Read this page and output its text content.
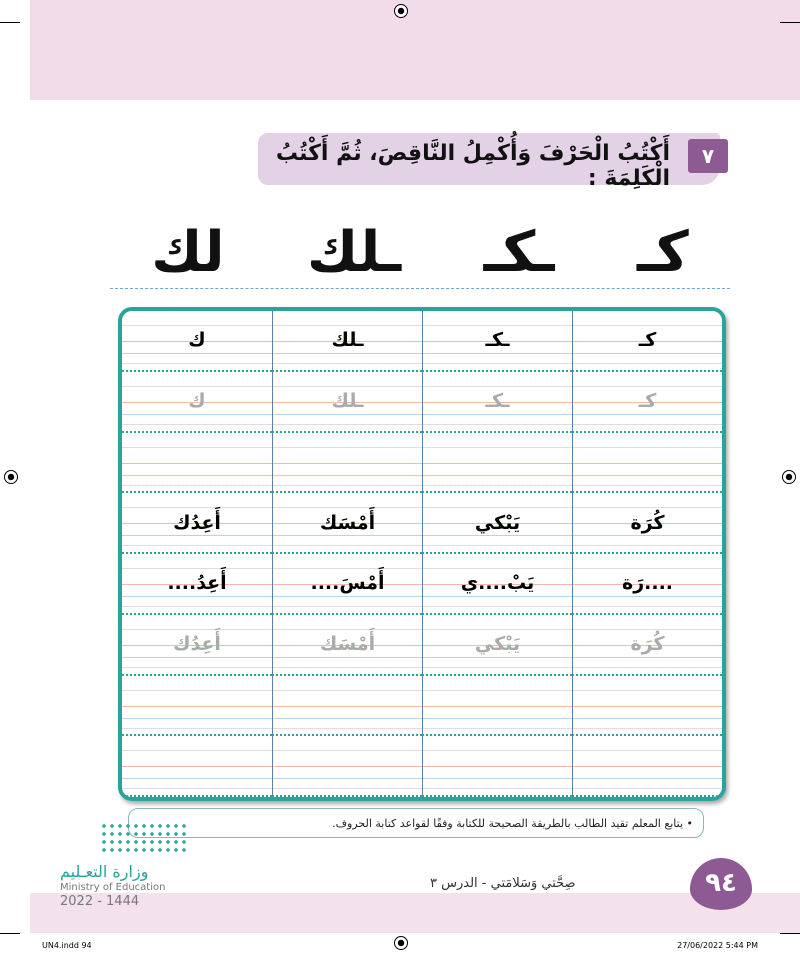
٧
أَكْتُبُ الْحَرْفَ وَأُكْمِلُ النَّاقِصَ، ثُمَّ أَكْتُبُ الْكَلِمَةَ :
كـ
ـكـ
ـلك
لك
كـ
ـكـ
ـلك
ك
كـ
ـكـ
ـلك
ك
كُرَة
يَبْكي
أَمْسَك
أَعِدُك
....رَة
يَبْ....ي
أَمْسَ....
أَعِدُ....
كُرَة
يَبْكي
أَمْسَك
أَعِدُك
• يتابع المعلم تقيد الطالب بالطريقة الصحيحة للكتابة وفقًا لقواعد كتابة الحروف.
وزارة التعـليم
Ministry of Education
2022 - 1444
صِحَّتي وَسَلامَتي - الدرس ٣	٩٤
UN4.indd 94	27/06/2022 5:44 PM
